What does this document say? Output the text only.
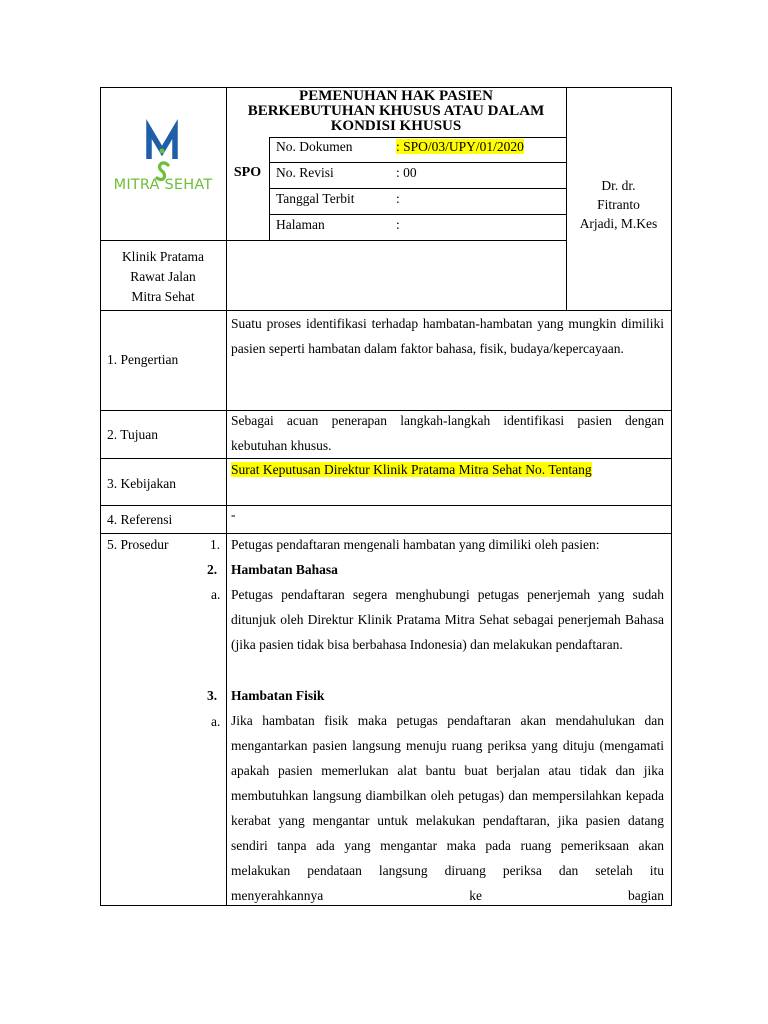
MITRA SEHAT
PEMENUHAN HAK PASIEN
BERKEBUTUHAN KHUSUS ATAU DALAM
KONDISI KHUSUS
SPO
No. Dokumen	: SPO/03/UPY/01/2020
No. Revisi	: 00
Tanggal Terbit	:
Halaman	:
Dr. dr.
Fitranto
Arjadi, M.Kes
Klinik Pratama
Rawat Jalan
Mitra Sehat
1. Pengertian
Suatu proses identifikasi terhadap hambatan-hambatan yang mungkin dimiliki pasien seperti hambatan dalam faktor bahasa, fisik, budaya/kepercayaan.
2. Tujuan
Sebagai acuan penerapan langkah-langkah identifikasi pasien dengan kebutuhan khusus.
3. Kebijakan
Surat Keputusan Direktur Klinik Pratama Mitra Sehat No. Tentang
4. Referensi	-
5. Prosedur	1. Petugas pendaftaran mengenali hambatan yang dimiliki oleh pasien:
2. Hambatan Bahasa
a. Petugas pendaftaran segera menghubungi petugas penerjemah yang sudah ditunjuk oleh Direktur Klinik Pratama Mitra Sehat sebagai penerjemah Bahasa (jika pasien tidak bisa berbahasa Indonesia) dan melakukan pendaftaran.
3. Hambatan Fisik
a. Jika hambatan fisik maka petugas pendaftaran akan mendahulukan dan mengantarkan pasien langsung menuju ruang periksa yang dituju (mengamati apakah pasien memerlukan alat bantu buat berjalan atau tidak dan jika membutuhkan langsung diambilkan oleh petugas) dan mempersilahkan kepada kerabat yang mengantar untuk melakukan pendaftaran, jika pasien datang sendiri tanpa ada yang mengantar maka pada ruang pemeriksaan akan melakukan pendataan langsung diruang periksa dan setelah itu menyerahkannya ke bagian
